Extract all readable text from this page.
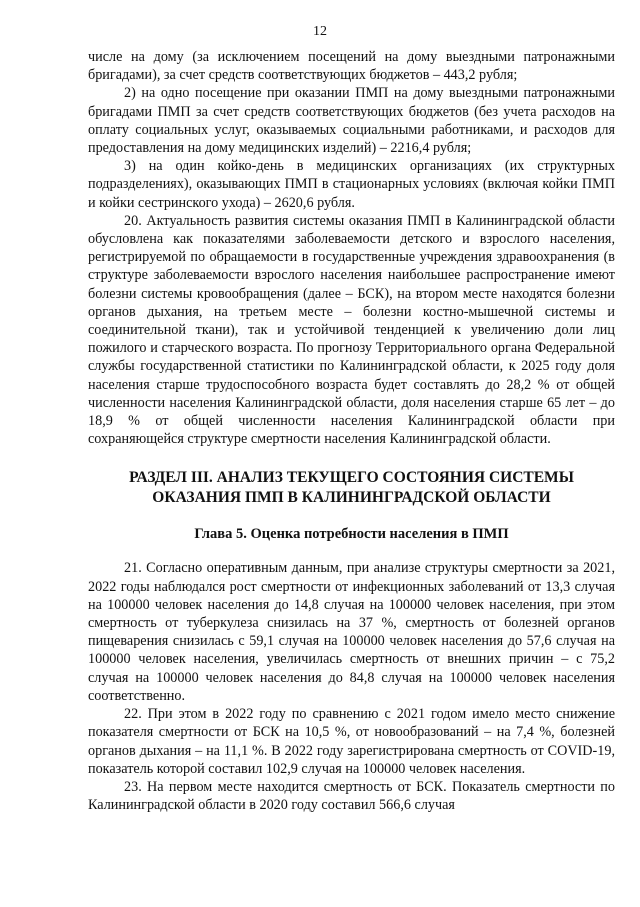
12

числе на дому (за исключением посещений на дому выездными патронажными бригадами), за счет средств соответствующих бюджетов – 443,2 рубля;

2) на одно посещение при оказании ПМП на дому выездными патронажными бригадами ПМП за счет средств соответствующих бюджетов (без учета расходов на оплату социальных услуг, оказываемых социальными работниками, и расходов для предоставления на дому медицинских изделий) – 2216,4 рубля;

3) на один койко-день в медицинских организациях (их структурных подразделениях), оказывающих ПМП в стационарных условиях (включая койки ПМП и койки сестринского ухода) – 2620,6 рубля.

20. Актуальность развития системы оказания ПМП в Калининградской области обусловлена как показателями заболеваемости детского и взрослого населения, регистрируемой по обращаемости в государственные учреждения здравоохранения (в структуре заболеваемости взрослого населения наибольшее распространение имеют болезни системы кровообращения (далее – БСК), на втором месте находятся болезни органов дыхания, на третьем месте – болезни костно-мышечной системы и соединительной ткани), так и устойчивой тенденцией к увеличению доли лиц пожилого и старческого возраста. По прогнозу Территориального органа Федеральной службы государственной статистики по Калининградской области, к 2025 году доля населения старше трудоспособного возраста будет составлять до 28,2 % от общей численности населения Калининградской области, доля населения старше 65 лет – до 18,9 % от общей численности населения Калининградской области при сохраняющейся структуре смертности населения Калининградской области.

РАЗДЕЛ III. АНАЛИЗ ТЕКУЩЕГО СОСТОЯНИЯ СИСТЕМЫ ОКАЗАНИЯ ПМП В КАЛИНИНГРАДСКОЙ ОБЛАСТИ
Глава 5. Оценка потребности населения в ПМП

21. Согласно оперативным данным, при анализе структуры смертности за 2021, 2022 годы наблюдался рост смертности от инфекционных заболеваний от 13,3 случая на 100000 человек населения до 14,8 случая на 100000 человек населения, при этом смертность от туберкулеза снизилась на 37 %, смертность от болезней органов пищеварения снизилась с 59,1 случая на 100000 человек населения до 57,6 случая на 100000 человек населения, увеличилась смертность от внешних причин – с 75,2 случая на 100000 человек населения до 84,8 случая на 100000 человек населения соответственно.

22. При этом в 2022 году по сравнению с 2021 годом имело место снижение показателя смертности от БСК на 10,5 %, от новообразований – на 7,4 %, болезней органов дыхания – на 11,1 %. В 2022 году зарегистрирована смертность от COVID-19, показатель которой составил 102,9 случая на 100000 человек населения.

23. На первом месте находится смертность от БСК. Показатель смертности по Калининградской области в 2020 году составил 566,6 случая
